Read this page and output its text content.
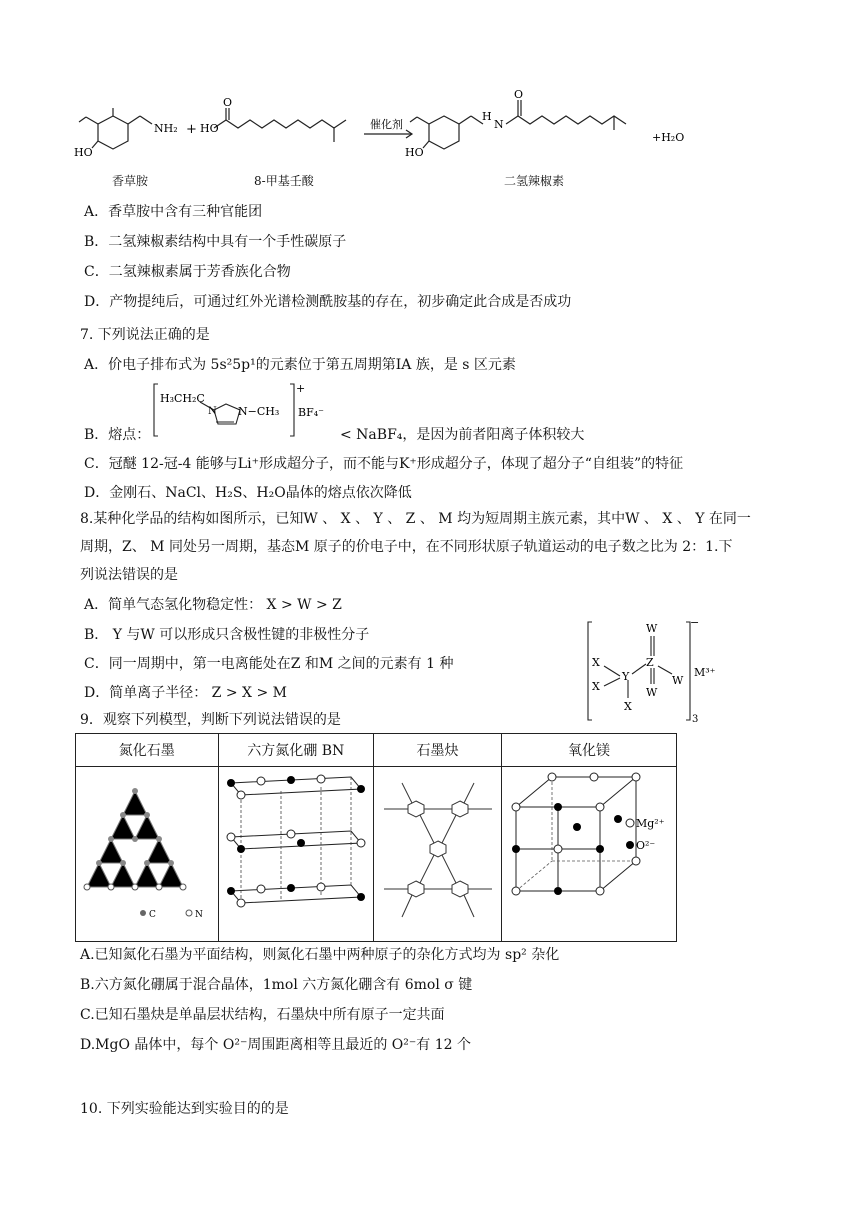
HO
NH₂ + HO
O
催化剂
HO
H
N
O
+H₂O
香草胺	8-甲基壬酸	二氢辣椒素
A．香草胺中含有三种官能团
B．二氢辣椒素结构中具有一个手性碳原子
C．二氢辣椒素属于芳香族化合物
D．产物提纯后，可通过红外光谱检测酰胺基的存在，初步确定此合成是否成功
7. 下列说法正确的是
A．价电子排布式为 5s²5p¹的元素位于第五周期第IA 族，是 s 区元素
B．熔点：
H₃CH₂C
N N−CH₃
+
BF₄⁻
< NaBF₄，是因为前者阳离子体积较大
C．冠醚 12-冠-4 能够与Li⁺形成超分子，而不能与K⁺形成超分子，体现了超分子“自组装”的特征
D．金刚石、NaCl、H₂S、H₂O晶体的熔点依次降低
8.某种化学品的结构如图所示，已知W 、 X 、 Y 、 Z 、 M 均为短周期主族元素，其中W 、 X 、 Y 在同一
周期，Z、 M 同处另一周期，基态M 原子的价电子中，在不同形状原子轨道运动的电子数之比为 2：1.下
列说法错误的是
A．简单气态氢化物稳定性： X > W > Z
B． Y 与W 可以形成只含极性键的非极性分子
C．同一周期中，第一电离能处在Z 和M 之间的元素有 1 种
D．简单离子半径： Z > X > M
W
Z
W
W
Y
X
X
X
−
M³⁺
3
9．观察下列模型，判断下列说法错误的是
氮化石墨	六方氮化硼 BN	石墨炔	氧化镁

C N			Mg²⁺
O²⁻
A.已知氮化石墨为平面结构，则氮化石墨中两种原子的杂化方式均为 sp² 杂化
B.六方氮化硼属于混合晶体，1mol 六方氮化硼含有 6mol σ 键
C.已知石墨炔是单晶层状结构，石墨炔中所有原子一定共面
D.MgO 晶体中，每个 O²⁻周围距离相等且最近的 O²⁻有 12 个
10. 下列实验能达到实验目的的是
